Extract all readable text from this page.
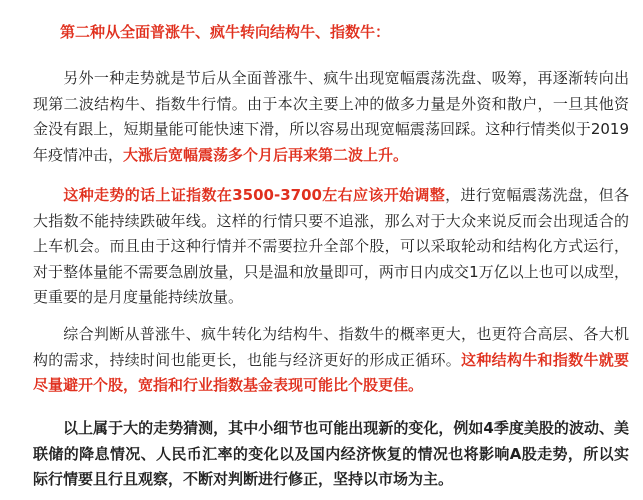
第二种从全面普涨牛、疯牛转向结构牛、指数牛：

另外一种走势就是节后从全面普涨牛、疯牛出现宽幅震荡洗盘、吸筹，再逐渐转向出现第二波结构牛、指数牛行情。由于本次主要上冲的做多力量是外资和散户，一旦其他资金没有跟上，短期量能可能快速下滑，所以容易出现宽幅震荡回踩。这种行情类似于2019年疫情冲击，大涨后宽幅震荡多个月后再来第二波上升。

这种走势的话上证指数在3500-3700左右应该开始调整，进行宽幅震荡洗盘，但各大指数不能持续跌破年线。这样的行情只要不追涨，那么对于大众来说反而会出现适合的上车机会。而且由于这种行情并不需要拉升全部个股，可以采取轮动和结构化方式运行，对于整体量能不需要急剧放量，只是温和放量即可，两市日内成交1万亿以上也可以成型，更重要的是月度量能持续放量。

综合判断从普涨牛、疯牛转化为结构牛、指数牛的概率更大，也更符合高层、各大机构的需求，持续时间也能更长，也能与经济更好的形成正循环。这种结构牛和指数牛就要尽量避开个股，宽指和行业指数基金表现可能比个股更佳。

以上属于大的走势猜测，其中小细节也可能出现新的变化，例如4季度美股的波动、美联储的降息情况、人民币汇率的变化以及国内经济恢复的情况也将影响A股走势，所以实际行情要且行且观察，不断对判断进行修正，坚持以市场为主。
